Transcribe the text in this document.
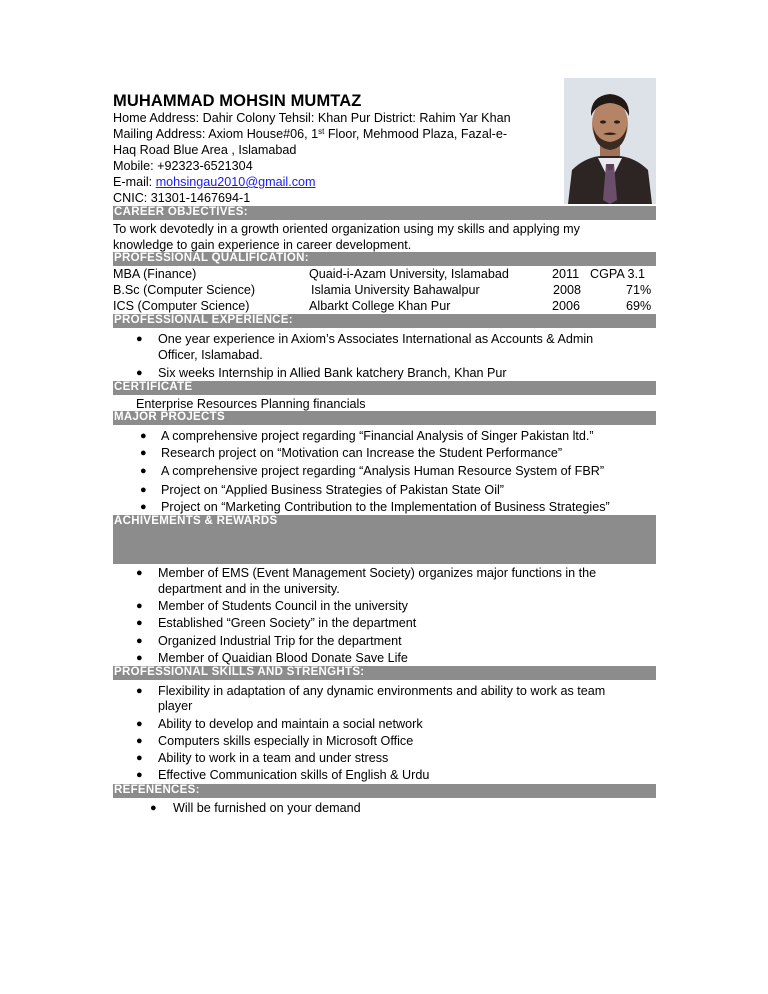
MUHAMMAD MOHSIN MUMTAZ
Home Address: Dahir Colony Tehsil: Khan Pur District: Rahim Yar Khan
Mailing Address: Axiom House#06, 1st Floor, Mehmood Plaza, Fazal-e-
Haq Road Blue Area , Islamabad
Mobile: +92323-6521304
E-mail: mohsingau2010@gmail.com
CNIC: 31301-1467694-1
CAREER OBJECTIVES:
To work devotedly in a growth oriented organization using my skills and applying my
knowledge to gain experience in career development.
PROFESSIONAL QUALIFICATION:
MBA (Finance)	Quaid-i-Azam University, Islamabad	2011 CGPA 3.1
B.Sc (Computer Science)	Islamia University Bahawalpur	2008	71%
ICS (Computer Science)	Albarkt College Khan Pur	2006	69%
PROFESSIONAL EXPERIENCE:
● One year experience in Axiom’s Associates International as Accounts & Admin
Officer, Islamabad.
● Six weeks Internship in Allied Bank katchery Branch, Khan Pur
CERTIFICATE
Enterprise Resources Planning financials
MAJOR PROJECTS
● A comprehensive project regarding “Financial Analysis of Singer Pakistan ltd.”
● Research project on “Motivation can Increase the Student Performance”
● A comprehensive project regarding “Analysis Human Resource System of FBR”
● Project on “Applied Business Strategies of Pakistan State Oil”
● Project on “Marketing Contribution to the Implementation of Business Strategies”
ACHIVEMENTS & REWARDS
● Member of EMS (Event Management Society) organizes major functions in the
department and in the university.
● Member of Students Council in the university
● Established “Green Society” in the department
● Organized Industrial Trip for the department
● Member of Quaidian Blood Donate Save Life
PROFESSIONAL SKILLS AND STRENGHTS:
● Flexibility in adaptation of any dynamic environments and ability to work as team
player
● Ability to develop and maintain a social network
● Computers skills especially in Microsoft Office
● Ability to work in a team and under stress
● Effective Communication skills of English & Urdu
REFENENCES:
● Will be furnished on your demand
